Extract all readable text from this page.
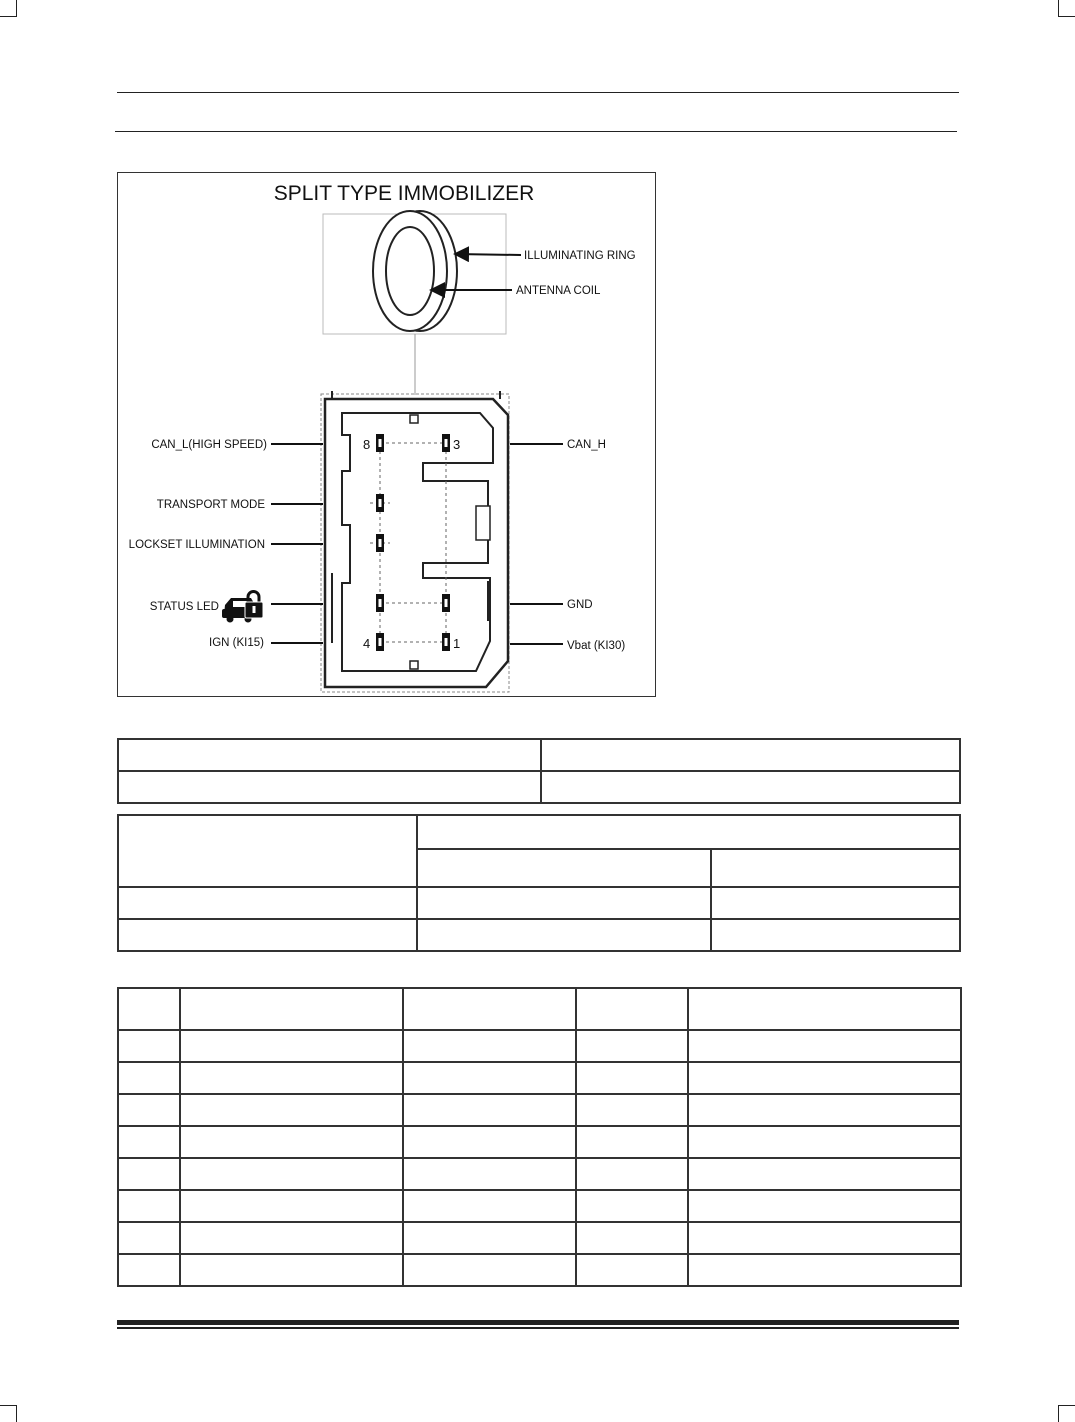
SPLIT TYPE IMMOBILIZER
ILLUMINATING RING
ANTENNA COIL
8	3
4	1
CAN_L(HIGH SPEED)
TRANSPORT MODE
LOCKSET ILLUMINATION
STATUS LED
IGN (KI15)
CAN_H
GND
Vbat (KI30)
